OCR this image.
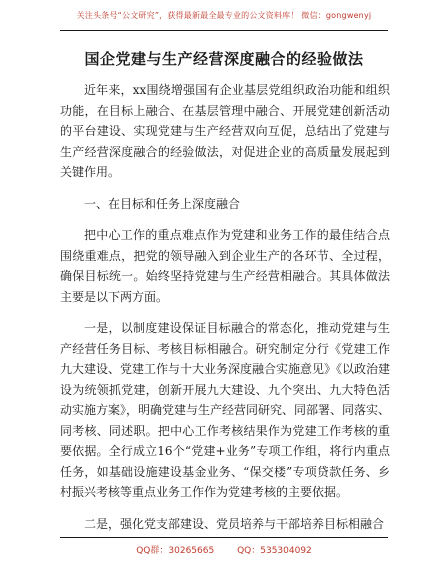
关注头条号“公文研究”，获得最新最全最专业的公文资料库！ 微信：gongwenyj
国企党建与生产经营深度融合的经验做法

近年来，xx围绕增强国有企业基层党组织政治功能和组织功能，在目标上融合、在基层管理中融合、开展党建创新活动的平台建设、实现党建与生产经营双向互促，总结出了党建与生产经营深度融合的经验做法，对促进企业的高质量发展起到关键作用。

一、在目标和任务上深度融合

把中心工作的重点难点作为党建和业务工作的最佳结合点围绕重难点，把党的领导融入到企业生产的各环节、全过程，确保目标统一。始终坚持党建与生产经营相融合。其具体做法主要是以下两方面。

一是，以制度建设保证目标融合的常态化，推动党建与生产经营任务目标、考核目标相融合。研究制定分行《党建工作九大建设、党建工作与十大业务深度融合实施意见》《以政治建设为统领抓党建，创新开展九大建设、九个突出、九大特色活动实施方案》，明确党建与生产经营同研究、同部署、同落实、同考核、同述职。把中心工作考核结果作为党建工作考核的重要依据。全行成立16个“党建+业务”专项工作组，将行内重点任务，如基础设施建设基金业务、“保交楼”专项贷款任务、乡村振兴考核等重点业务工作作为党建考核的主要依据。

二是，强化党支部建设、党员培养与干部培养目标相融合

QQ群：30265665	QQ：535304092
